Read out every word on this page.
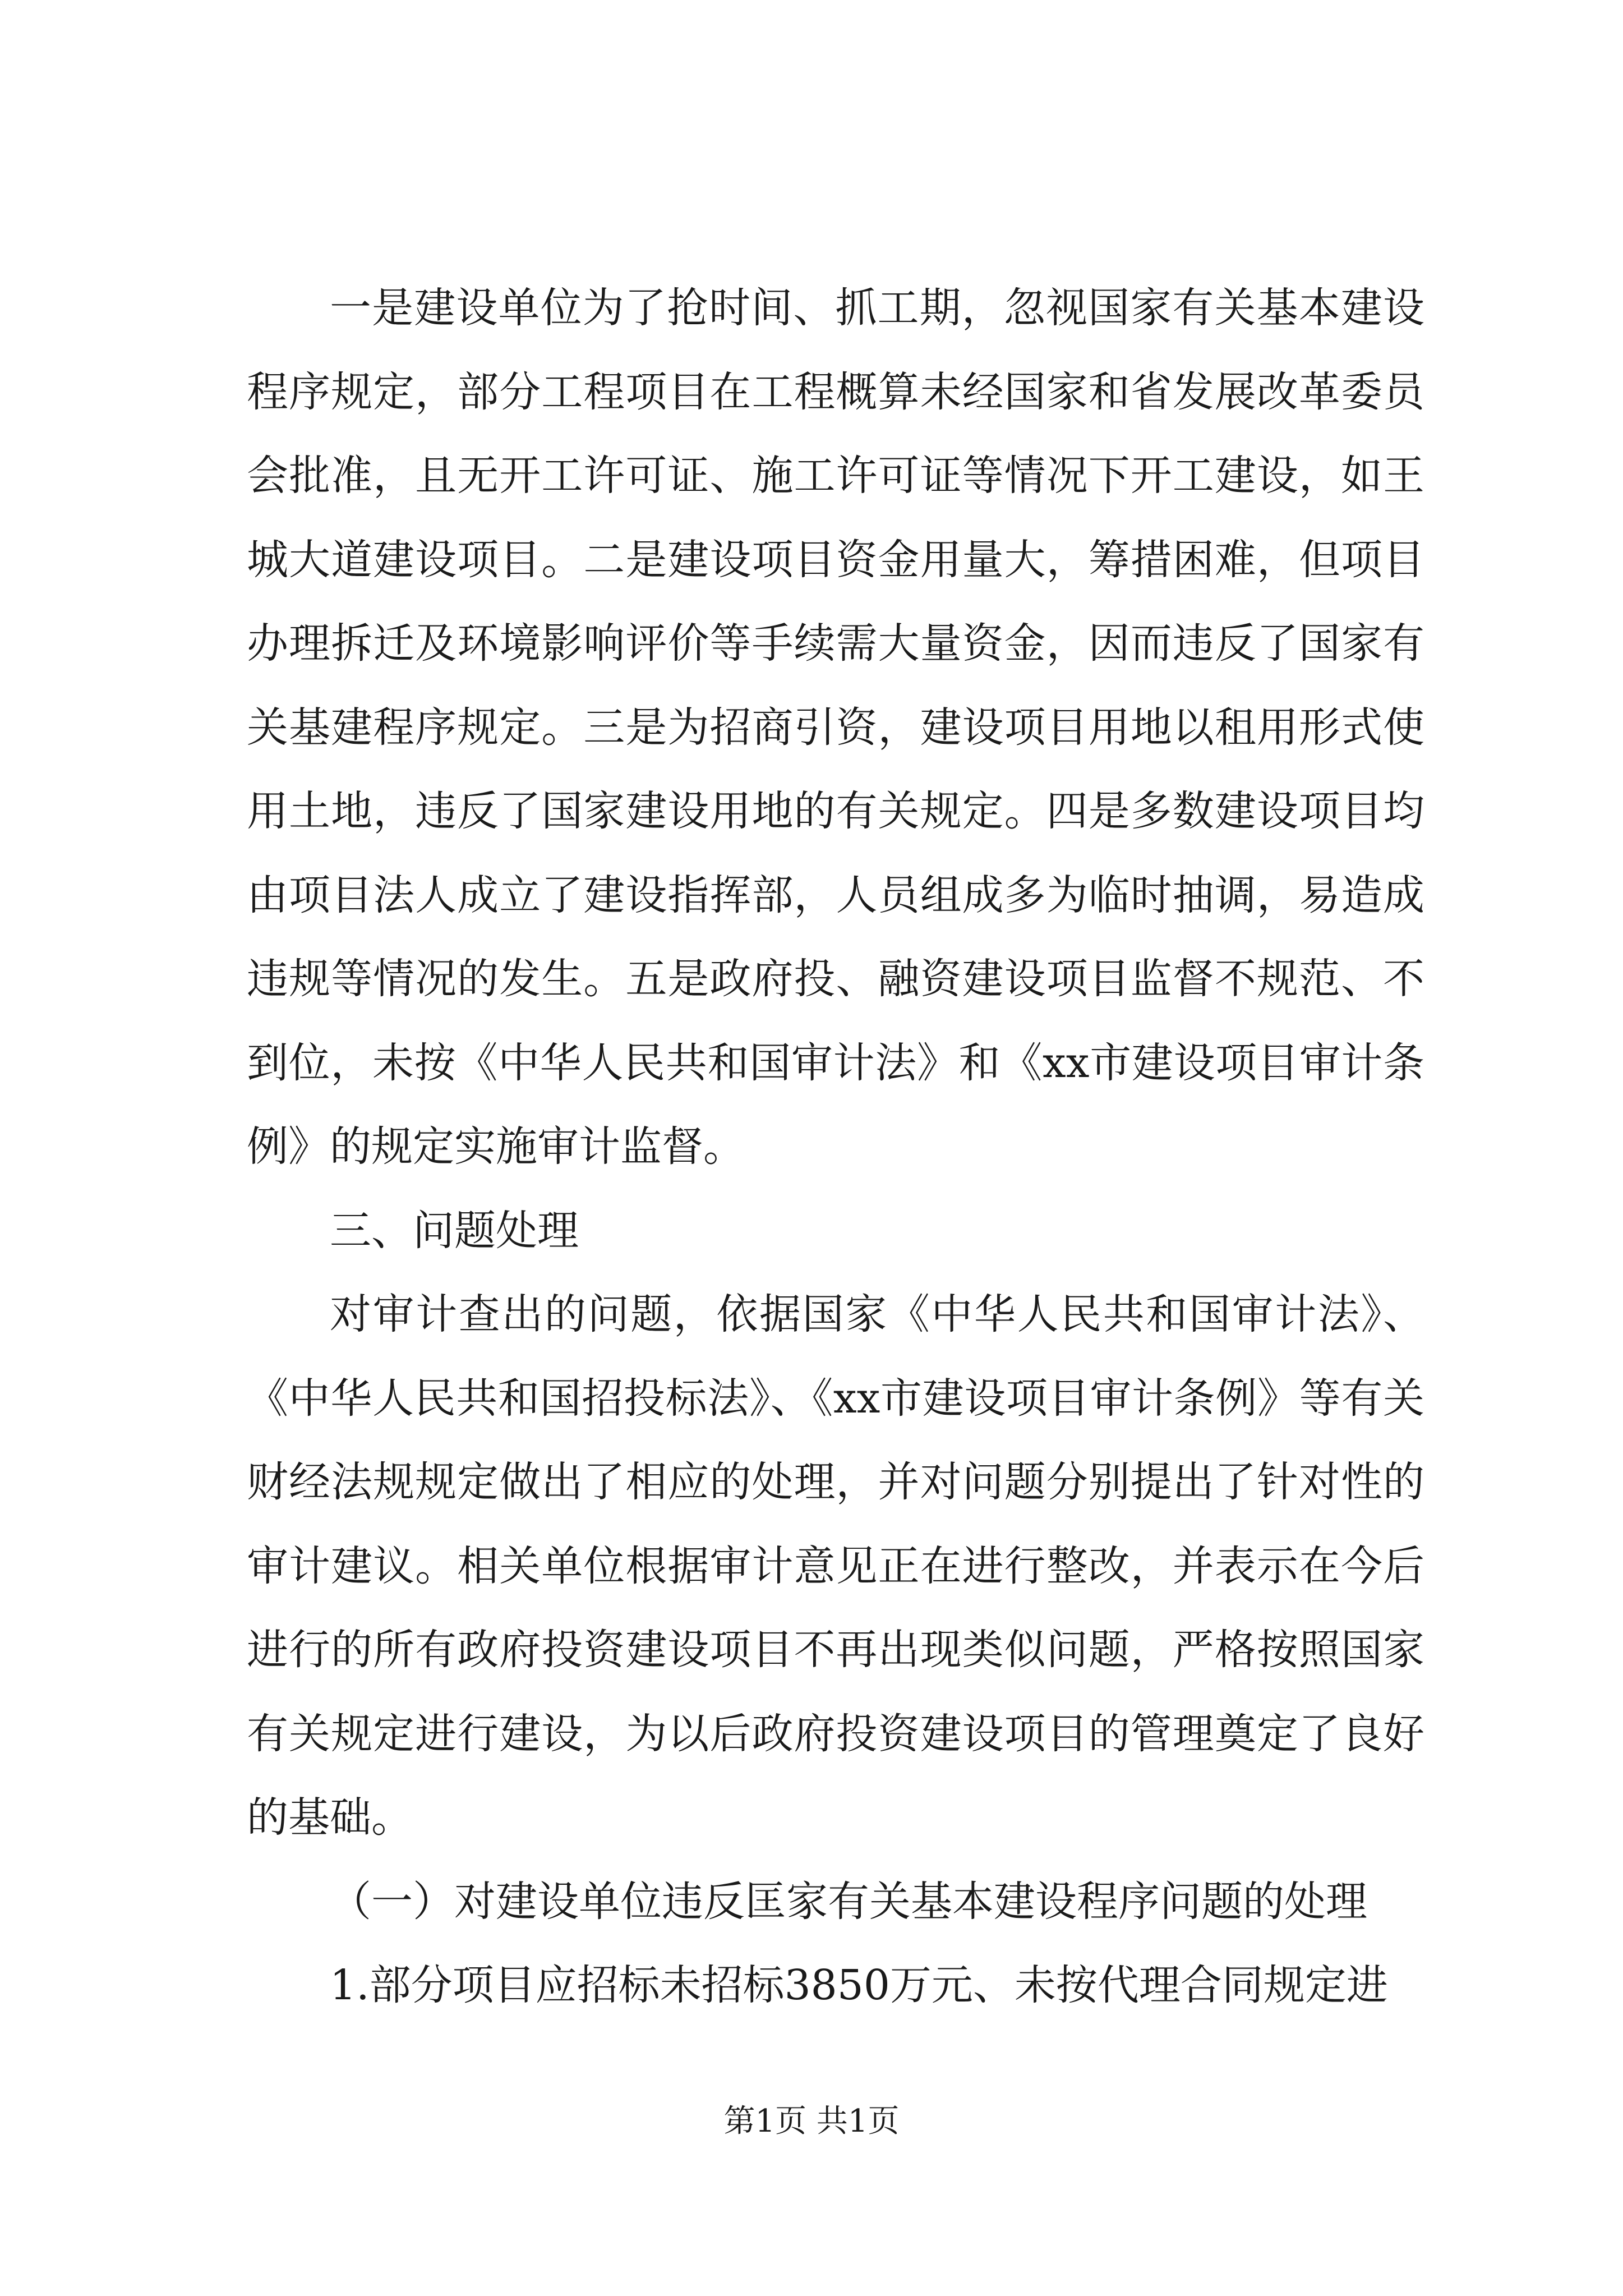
一是建设单位为了抢时间、抓工期，忽视国家有关基本建设程序规定，部分工程项目在工程概算未经国家和省发展改革委员会批准，且无开工许可证、施工许可证等情况下开工建设，如王城大道建设项目。二是建设项目资金用量大，筹措困难，但项目办理拆迁及环境影响评价等手续需大量资金，因而违反了国家有关基建程序规定。三是为招商引资，建设项目用地以租用形式使用土地，违反了国家建设用地的有关规定。四是多数建设项目均由项目法人成立了建设指挥部，人员组成多为临时抽调，易造成违规等情况的发生。五是政府投、融资建设项目监督不规范、不到位，未按《中华人民共和国审计法》和《xx市建设项目审计条例》的规定实施审计监督。

三、问题处理

对审计查出的问题，依据国家《中华人民共和国审计法》、《中华人民共和国招投标法》、《xx市建设项目审计条例》等有关财经法规规定做出了相应的处理，并对问题分别提出了针对性的审计建议。相关单位根据审计意见正在进行整改，并表示在今后进行的所有政府投资建设项目不再出现类似问题，严格按照国家有关规定进行建设，为以后政府投资建设项目的管理奠定了良好的基础。

（一）对建设单位违反匡家有关基本建设程序问题的处理

1.部分项目应招标未招标3850万元、未按代理合同规定进

第1页 共1页
